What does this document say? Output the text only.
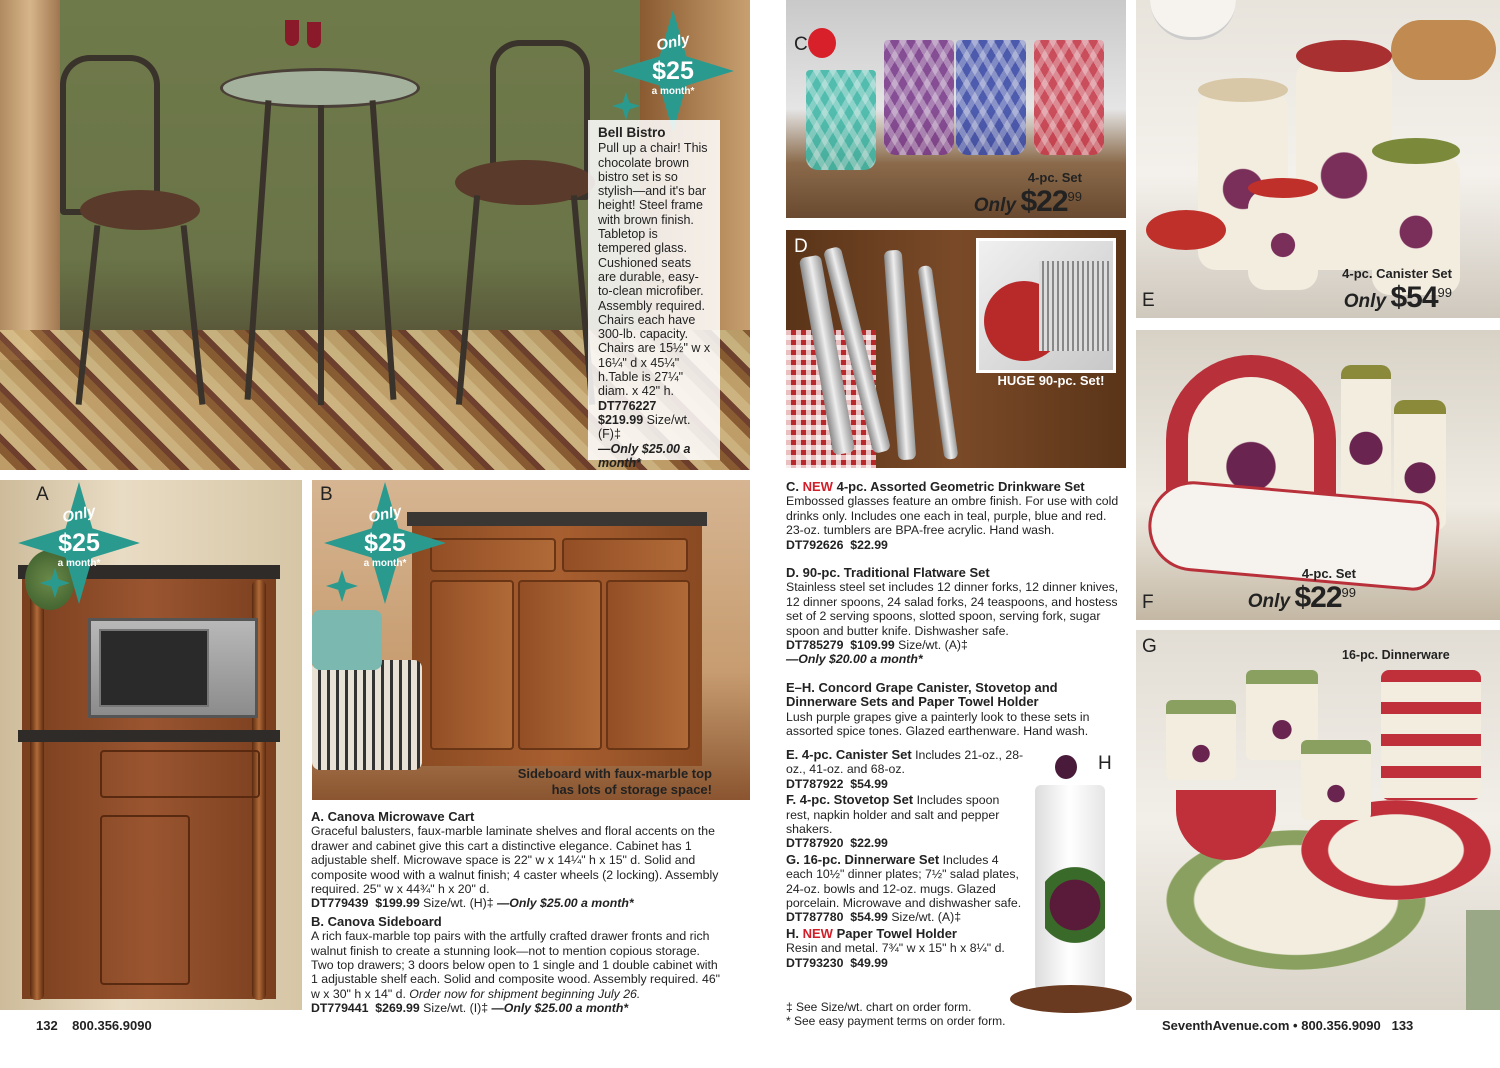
Only
$25
a month*
Bell Bistro
Pull up a chair! This chocolate brown bistro set is so stylish—and it's bar height! Steel frame with brown finish. Tabletop is tempered glass. Cushioned seats are durable, easy-to-clean microfiber. Assembly required. Chairs each have 300-lb. capacity. Chairs are 15½" w x 16¼" d x 45¼" h.Table is 27¼" diam. x 42" h.
DT776227
$219.99 Size/wt. (F)‡
—Only $25.00 a month*
A
Only
$25
a month*
B
Only
$25
a month*
Sideboard with faux-marble top has lots of storage space!
C
4-pc. Set
Only $\$22^{99}$
HUGE 90-pc. Set!
D
E
4-pc. Canister Set
Only $\$54^{99}$
F
4-pc. Set
Only $\$22^{99}$
G	16-pc. Dinnerware
H
A. Canova Microwave Cart
Graceful balusters, faux-marble laminate shelves and floral accents on the drawer and cabinet give this cart a distinctive elegance. Cabinet has 1 adjustable shelf. Microwave space is 22" w x 14¼" h x 15" d. Solid and composite wood with a walnut finish; 4 caster wheels (2 locking). Assembly required. 25" w x 44¾" h x 20" d.
DT779439 $199.99 Size/wt. (H)‡ —Only $25.00 a month*
B. Canova Sideboard
A rich faux-marble top pairs with the artfully crafted drawer fronts and rich walnut finish to create a stunning look—not to mention copious storage. Two top drawers; 3 doors below open to 1 single and 1 double cabinet with 1 adjustable shelf each. Solid and composite wood. Assembly required. 46" w x 30" h x 14" d. Order now for shipment beginning July 26.
DT779441 $269.99 Size/wt. (I)‡ —Only $25.00 a month*
C. NEW 4-pc. Assorted Geometric Drinkware Set
Embossed glasses feature an ombre finish. For use with cold drinks only. Includes one each in teal, purple, blue and red. 23-oz. tumblers are BPA-free acrylic. Hand wash.
DT792626 $22.99
D. 90-pc. Traditional Flatware Set
Stainless steel set includes 12 dinner forks, 12 dinner knives, 12 dinner spoons, 24 salad forks, 24 teaspoons, and hostess set of 2 serving spoons, slotted spoon, serving fork, sugar spoon and butter knife. Dishwasher safe.
DT785279 $109.99 Size/wt. (A)‡
—Only $20.00 a month*
E–H. Concord Grape Canister, Stovetop and Dinnerware Sets and Paper Towel Holder
Lush purple grapes give a painterly look to these sets in assorted spice tones. Glazed earthenware. Hand wash.
E. 4-pc. Canister Set Includes 21-oz., 28-oz., 41-oz. and 68-oz.
DT787922 $54.99
F. 4-pc. Stovetop Set Includes spoon rest, napkin holder and salt and pepper shakers.
DT787920 $22.99
G. 16-pc. Dinnerware Set Includes 4 each 10½" dinner plates; 7½" salad plates, 24-oz. bowls and 12-oz. mugs. Glazed porcelain. Microwave and dishwasher safe.
DT787780 $54.99 Size/wt. (A)‡
H. NEW Paper Towel Holder
Resin and metal. 7¾" w x 15" h x 8¼" d.
DT793230 $49.99
‡ See Size/wt. chart on order form.
* See easy payment terms on order form.
132 800.356.9090	SeventhAvenue.com • 800.356.9090 133
